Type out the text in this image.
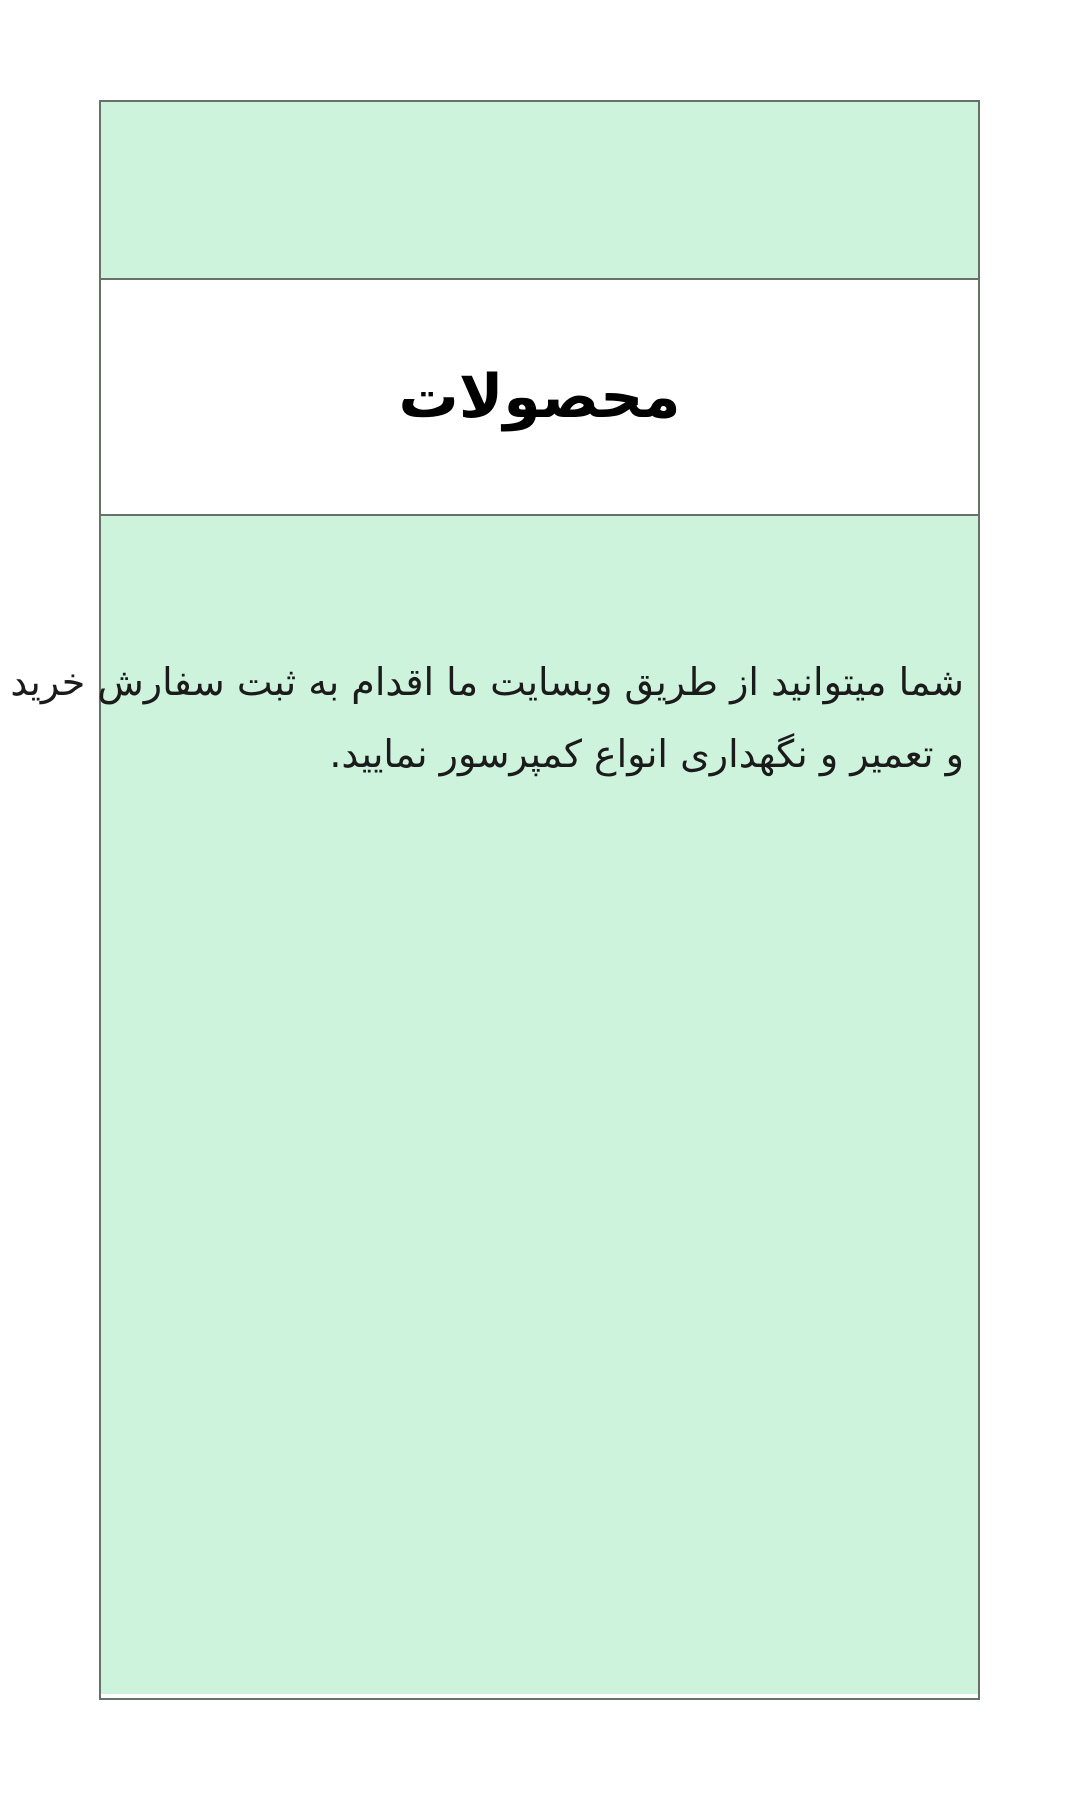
محصولات
شما میتوانید از طریق وبسایت ما اقدام به ثبت سفارش خرید
و تعمیر و نگهداری انواع کمپرسور نمایید.
